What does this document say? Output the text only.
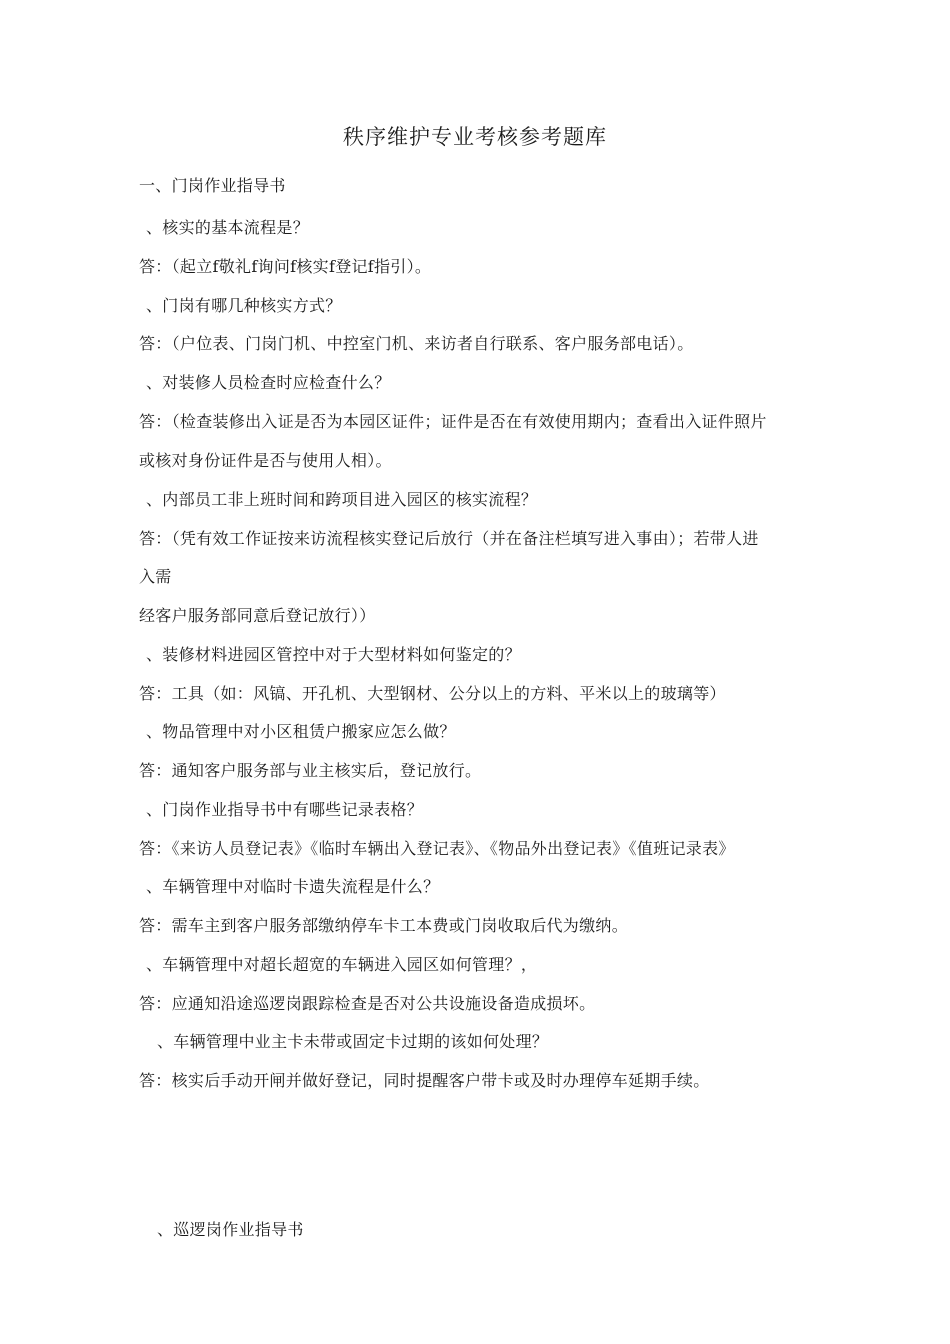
秩序维护专业考核参考题库
一、门岗作业指导书
、核实的基本流程是？
答：（起立f敬礼f询问f核实f登记f指引）。
、门岗有哪几种核实方式？
答：（户位表、门岗门机、中控室门机、来访者自行联系、客户服务部电话）。
、对装修人员检查时应检查什么？
答：（检查装修出入证是否为本园区证件；证件是否在有效使用期内；查看出入证件照片
或核对身份证件是否与使用人相）。
、内部员工非上班时间和跨项目进入园区的核实流程？
答：（凭有效工作证按来访流程核实登记后放行（并在备注栏填写进入事由）；若带人进
入需
经客户服务部同意后登记放行））
、装修材料进园区管控中对于大型材料如何鉴定的？
答：工具（如：风镐、开孔机、大型钢材、公分以上的方料、平米以上的玻璃等）
、物品管理中对小区租赁户搬家应怎么做？
答：通知客户服务部与业主核实后，登记放行。
、门岗作业指导书中有哪些记录表格？
答：《来访人员登记表》《临时车辆出入登记表》、《物品外出登记表》《值班记录表》
、车辆管理中对临时卡遗失流程是什么？
答：需车主到客户服务部缴纳停车卡工本费或门岗收取后代为缴纳。
、车辆管理中对超长超宽的车辆进入园区如何管理？，
答：应通知沿途巡逻岗跟踪检查是否对公共设施设备造成损坏。
、车辆管理中业主卡未带或固定卡过期的该如何处理？
答：核实后手动开闸并做好登记，同时提醒客户带卡或及时办理停车延期手续。
、巡逻岗作业指导书
